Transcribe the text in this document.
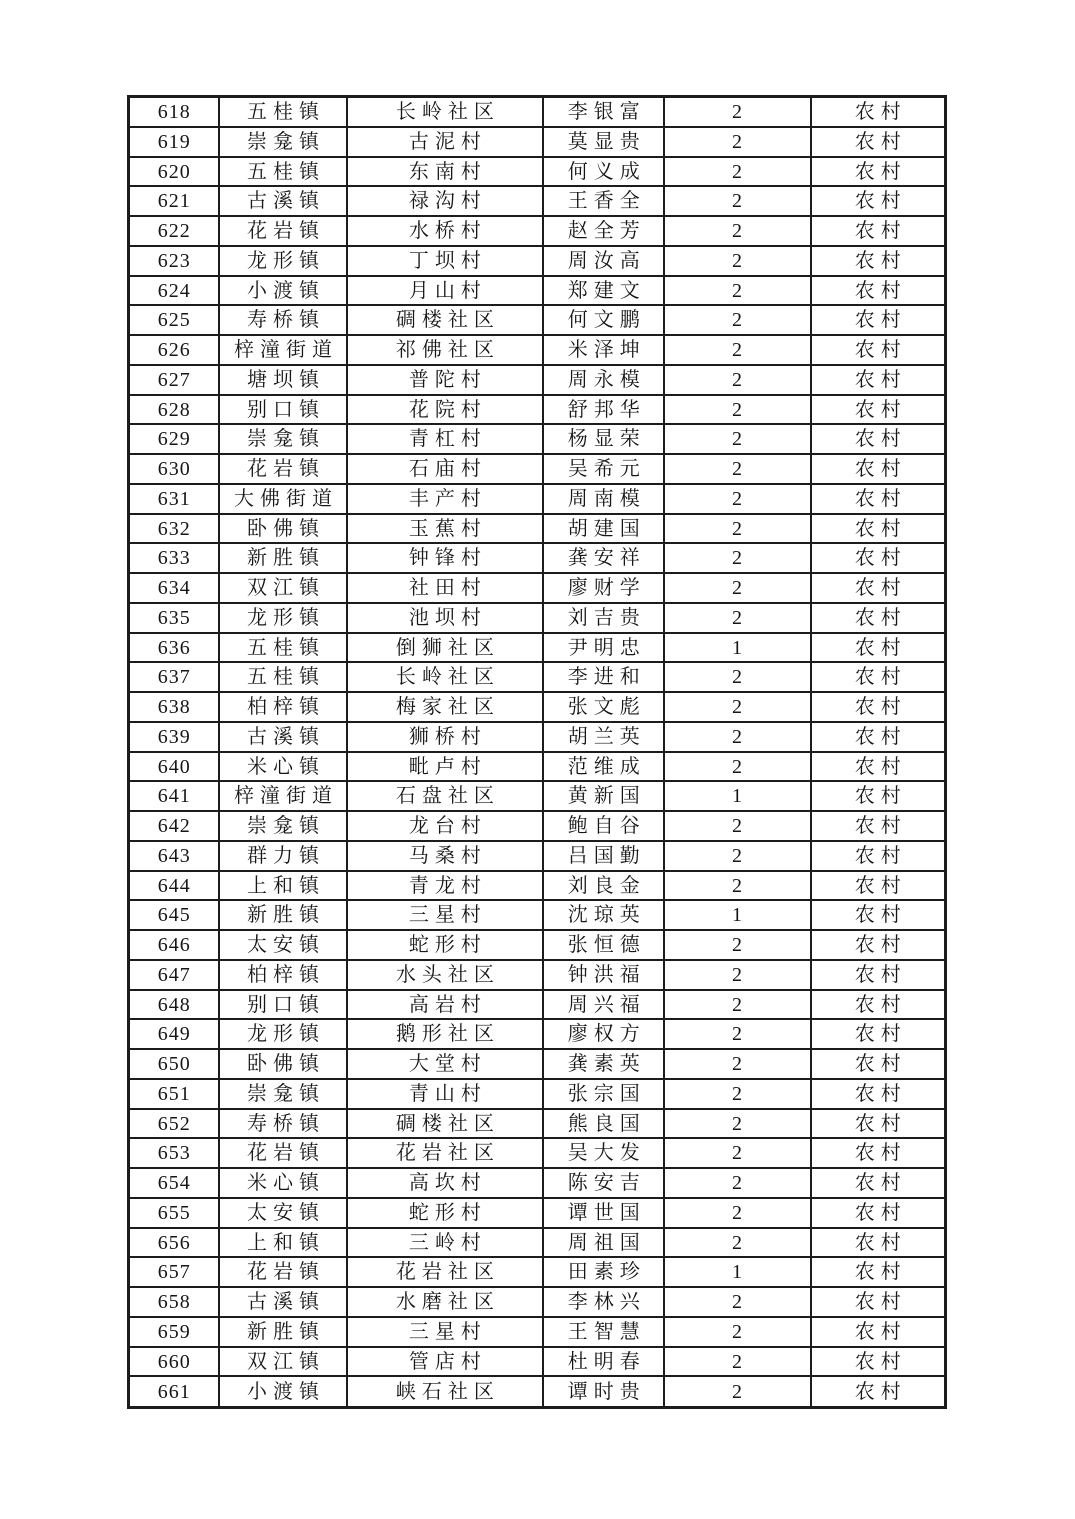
618	五桂镇	长岭社区	李银富	2	农村
619	崇龛镇	古泥村	莫显贵	2	农村
620	五桂镇	东南村	何义成	2	农村
621	古溪镇	禄沟村	王香全	2	农村
622	花岩镇	水桥村	赵全芳	2	农村
623	龙形镇	丁坝村	周汝高	2	农村
624	小渡镇	月山村	郑建文	2	农村
625	寿桥镇	碉楼社区	何文鹏	2	农村
626	梓潼街道	祁佛社区	米泽坤	2	农村
627	塘坝镇	普陀村	周永模	2	农村
628	别口镇	花院村	舒邦华	2	农村
629	崇龛镇	青杠村	杨显荣	2	农村
630	花岩镇	石庙村	吴希元	2	农村
631	大佛街道	丰产村	周南模	2	农村
632	卧佛镇	玉蕉村	胡建国	2	农村
633	新胜镇	钟锋村	龚安祥	2	农村
634	双江镇	社田村	廖财学	2	农村
635	龙形镇	池坝村	刘吉贵	2	农村
636	五桂镇	倒狮社区	尹明忠	1	农村
637	五桂镇	长岭社区	李进和	2	农村
638	柏梓镇	梅家社区	张文彪	2	农村
639	古溪镇	狮桥村	胡兰英	2	农村
640	米心镇	毗卢村	范维成	2	农村
641	梓潼街道	石盘社区	黄新国	1	农村
642	崇龛镇	龙台村	鲍自谷	2	农村
643	群力镇	马桑村	吕国勤	2	农村
644	上和镇	青龙村	刘良金	2	农村
645	新胜镇	三星村	沈琼英	1	农村
646	太安镇	蛇形村	张恒德	2	农村
647	柏梓镇	水头社区	钟洪福	2	农村
648	别口镇	高岩村	周兴福	2	农村
649	龙形镇	鹅形社区	廖权方	2	农村
650	卧佛镇	大堂村	龚素英	2	农村
651	崇龛镇	青山村	张宗国	2	农村
652	寿桥镇	碉楼社区	熊良国	2	农村
653	花岩镇	花岩社区	吴大发	2	农村
654	米心镇	高坎村	陈安吉	2	农村
655	太安镇	蛇形村	谭世国	2	农村
656	上和镇	三岭村	周祖国	2	农村
657	花岩镇	花岩社区	田素珍	1	农村
658	古溪镇	水磨社区	李林兴	2	农村
659	新胜镇	三星村	王智慧	2	农村
660	双江镇	管店村	杜明春	2	农村
661	小渡镇	峡石社区	谭时贵	2	农村
